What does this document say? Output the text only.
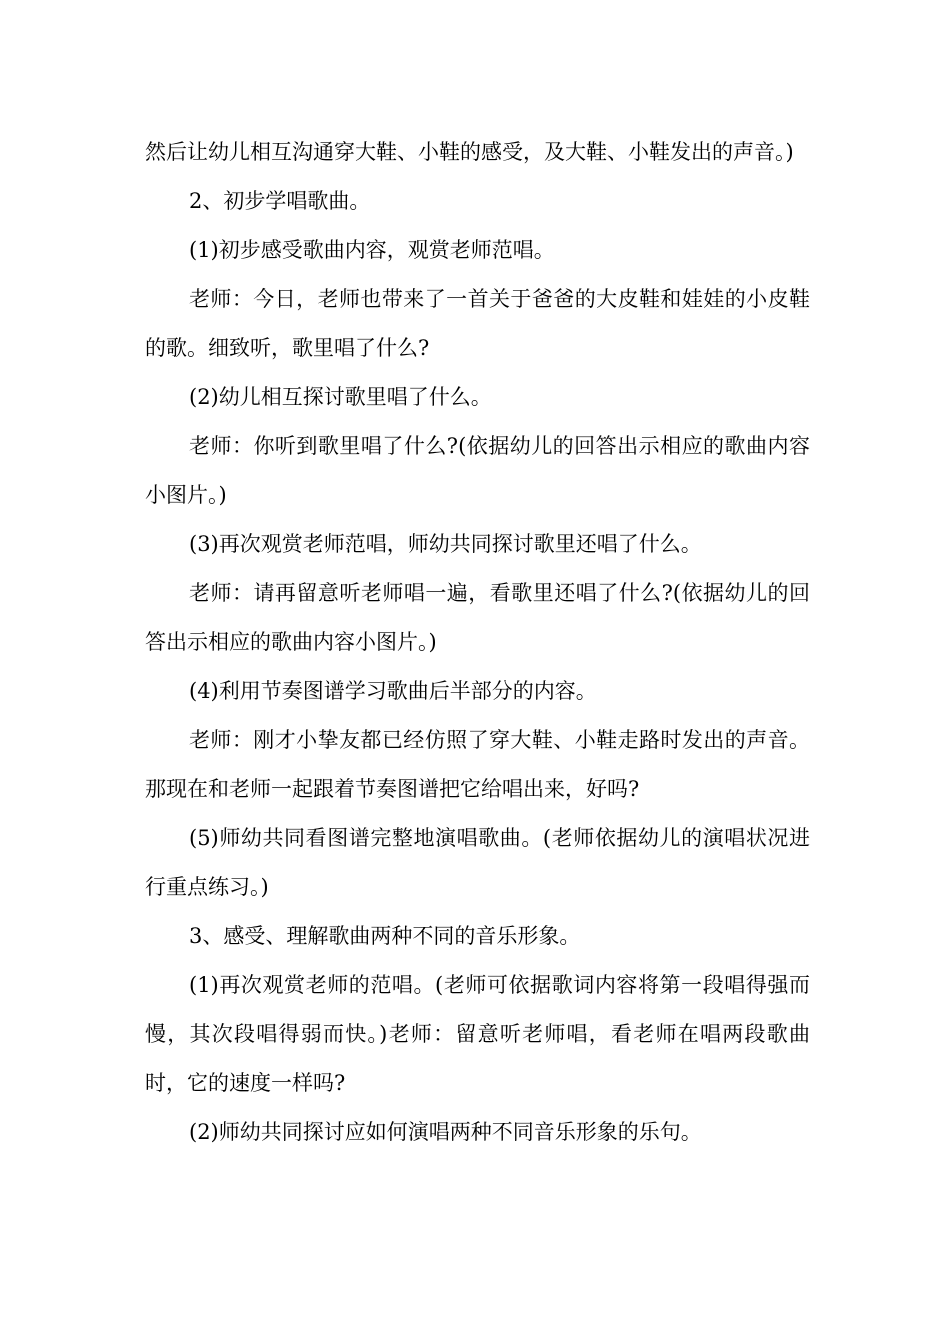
然后让幼儿相互沟通穿大鞋、小鞋的感受，及大鞋、小鞋发出的声音。)

2、初步学唱歌曲。

(1)初步感受歌曲内容，观赏老师范唱。

老师：今日，老师也带来了一首关于爸爸的大皮鞋和娃娃的小皮鞋的歌。细致听，歌里唱了什么?

(2)幼儿相互探讨歌里唱了什么。

老师：你听到歌里唱了什么?(依据幼儿的回答出示相应的歌曲内容小图片。)

(3)再次观赏老师范唱，师幼共同探讨歌里还唱了什么。

老师：请再留意听老师唱一遍，看歌里还唱了什么?(依据幼儿的回答出示相应的歌曲内容小图片。)

(4)利用节奏图谱学习歌曲后半部分的内容。

老师：刚才小挚友都已经仿照了穿大鞋、小鞋走路时发出的声音。那现在和老师一起跟着节奏图谱把它给唱出来，好吗?

(5)师幼共同看图谱完整地演唱歌曲。(老师依据幼儿的演唱状况进行重点练习。)

3、感受、理解歌曲两种不同的音乐形象。

(1)再次观赏老师的范唱。(老师可依据歌词内容将第一段唱得强而慢，其次段唱得弱而快。)老师：留意听老师唱，看老师在唱两段歌曲时，它的速度一样吗?

(2)师幼共同探讨应如何演唱两种不同音乐形象的乐句。
